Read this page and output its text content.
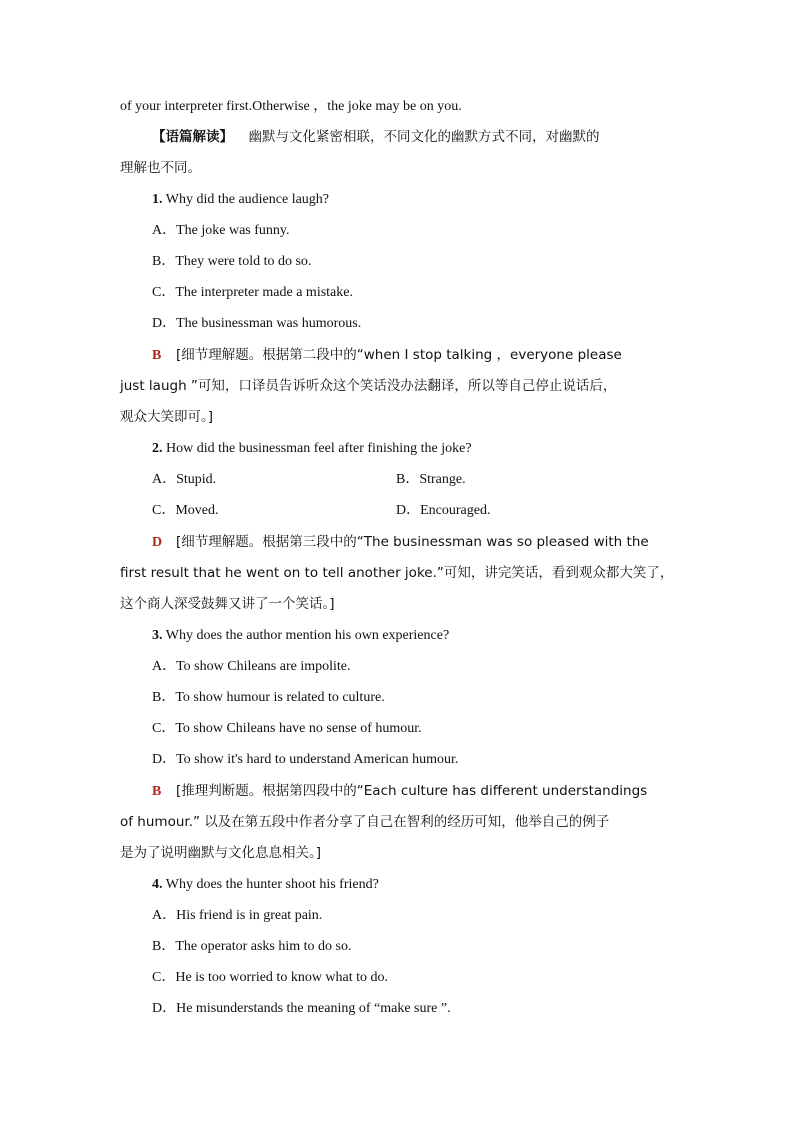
of your interpreter first.Otherwise ，the joke may be on you.
【语篇解读】 幽默与文化紧密相联，不同文化的幽默方式不同，对幽默的
理解也不同。
1. Why did the audience laugh?
A．The joke was funny.
B．They were told to do so.
C．The interpreter made a mistake.
D．The businessman was humorous.
B [细节理解题。根据第二段中的“when I stop talking ，everyone please
just laugh ”可知，口译员告诉听众这个笑话没办法翻译，所以等自己停止说话后，
观众大笑即可。]
2. How did the businessman feel after finishing the joke?
A．Stupid.	B．Strange.
C．Moved.	D．Encouraged.
D [细节理解题。根据第三段中的“The businessman was so pleased with the
first result that he went on to tell another joke.”可知，讲完笑话，看到观众都大笑了，
这个商人深受鼓舞又讲了一个笑话。]
3. Why does the author mention his own experience?
A．To show Chileans are impolite.
B．To show humour is related to culture.
C．To show Chileans have no sense of humour.
D．To show it's hard to understand American humour.
B [推理判断题。根据第四段中的“Each culture has different understandings
of humour.” 以及在第五段中作者分享了自己在智利的经历可知，他举自己的例子
是为了说明幽默与文化息息相关。]
4. Why does the hunter shoot his friend?
A．His friend is in great pain.
B．The operator asks him to do so.
C．He is too worried to know what to do.
D．He misunderstands the meaning of “make sure ”.
